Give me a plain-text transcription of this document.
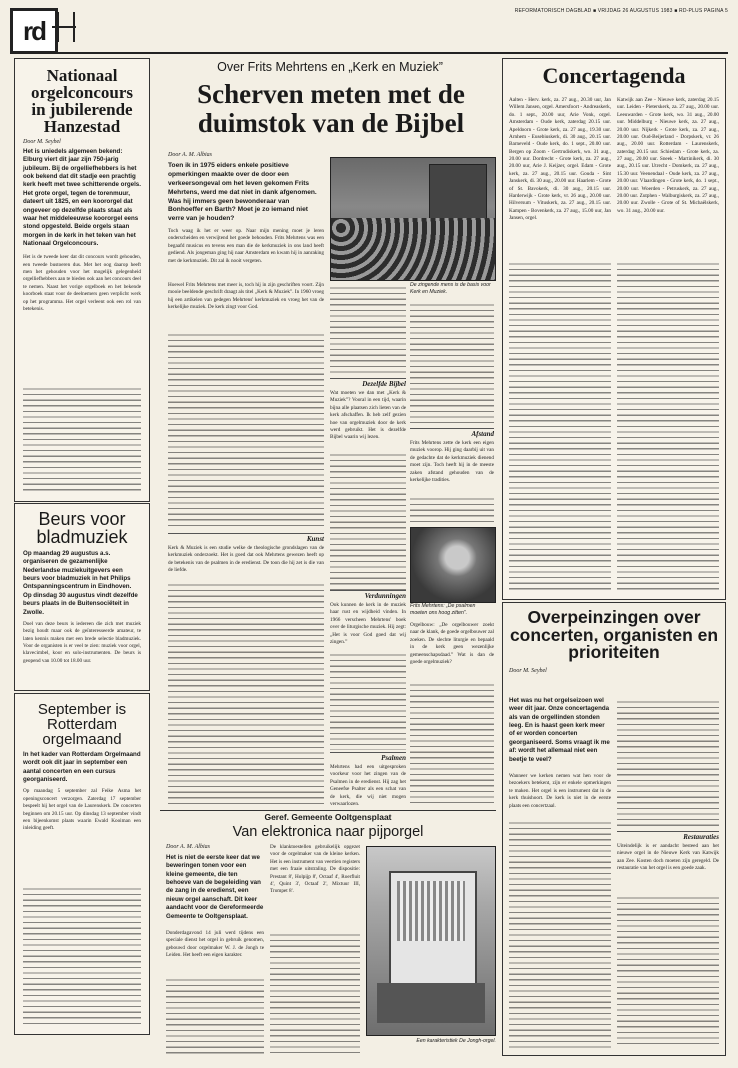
rd
REFORMATORISCH DAGBLAD ■ VRIJDAG 26 AUGUSTUS 1983 ■ RD-PLUS PAGINA 5
Nationaal orgelconcours in jubilerende Hanzestad
Door M. Seybel
Het is uniedels algemeen bekend: Elburg viert dit jaar zijn 750-jarig jubileum. Bij de orgelliefhebbers is het ook bekend dat dit stadje een prachtig kerk heeft met twee schitterende orgels. Het grote orgel, tegen de torenmuur, dateert uit 1825, en een koororgel dat ongeveer op dezelfde plaats staat als waar het middeleeuwse koororgel eens stond opgesteld. Beide orgels staan morgen in de kerk in het teken van het Nationaal Orgelconcours.
Het is de tweede keer dat dit concours wordt gehouden, een tweede bustoeren dus. Met het oog daarop heeft men het gehouden voor het mogelijk gelegenheid orgelliefhebbers aan te bieden ook aan het concours deel te nemen. Naast het vorige orgelboek en het bekende koorboek staat voor de deelnemers geen verplicht werk op het programma. Het orgel verleent ook een rol van betekenis.
Beurs voor bladmuziek
Op maandag 29 augustus a.s. organiseren de gezamenlijke Nederlandse muziekuitgevers een beurs voor bladmuziek in het Philips Ontspanningscentrum in Eindhoven. Op dinsdag 30 augustus vindt dezelfde beurs plaats in de Buitensociëteit in Zwolle.
Doel van deze beurs is iedereen die zich met muziek bezig houdt maar ook de geïnteresseerde amateur, te laten kennis maken met een brede selectie bladmuziek. Voor de organisten is er veel te zien: muziek voor orgel, klavecimbel, koor en solo-instrumenten. De beurs is geopend van 10.00 tot 18.00 uur.
September is Rotterdam orgelmaand
In het kader van Rotterdam Orgelmaand wordt ook dit jaar in september een aantal concerten en een cursus georganiseerd.
Op maandag 5 september zal Feike Asma het openingsconcert verzorgen. Zaterdag 17 september bespeelt hij het orgel van de Laurenskerk. De concerten beginnen om 20.15 uur. Op dinsdag 13 september vindt een bijeenkomst plaats waarin Ewald Kooiman een inleiding geeft.
Over Frits Mehrtens en „Kerk en Muziek”
Scherven meten met de duimstok van de Bijbel
Door A. M. Albias
Toen ik in 1975 eiders enkele positieve opmerkingen maakte over de door een verkeersongeval om het leven gekomen Frits Mehrtens, werd me dat niet in dank afgenomen. Was hij immers geen bewonderaar van Bonhoeffer en Barth? Moet je zo iemand niet verre van je houden?
Toch waag ik het er weer op. Naar mijn mening moet je leren onderscheiden en verwijtend het goede behouden. Frits Mehrtens was een begaafd musicus en tevens een man die de kerkmuziek in ons land heeft gediend. Als jongeman ging hij naar Amsterdam en kwam hij in aanraking met de kerkmuziek. Dit zal ik nooit vergeten.
Hoewel Frits Mehrtens met meer is, toch hij in zijn geschriften voort. Zijn mooie beeldende geschrift draagt als titel „Kerk & Muziek”. In 1960 vroeg hij een artikelen van gedegen Mehrtens' kerkmuziek en vroeg het van de kerkelijke muziek. De kerk zingt voor God.
Kunst
Kerk & Muziek is een studie welke de theologische grondslagen van de kerkmuziek onderzoekt. Het is goed dat ook Mehrtens gewezen heeft op de betekenis van de psalmen in de eredienst. De toon die hij zet is die van de liefde.
De zingende mens is de basis voor Kerk en Muziek.
Dezelfde Bijbel
Wat moeten we dan met „Kerk & Muziek”? Vooral in een tijd, waarin bijna alle plaatsen zich lieten van de kerk afschaffen. Ik heb zelf gezien hoe van orgelmuziek door de kerk werd gebruikt. Het is dezelfde Bijbel waarin wij lezen.
Verdunningen
Ook kunnen de kerk in de muziek haar rust en wijdheid vinden. In 1966 verscheen Mehrtens' boek over de liturgische muziek. Hij zegt: „Het is voor God goed dat wij zingen.”
Psalmen
Mehrtens had een uitgesproken voorkeur voor het zingen van de Psalmen in de eredienst. Hij zag het Geneefse Psalter als een schat van de kerk, die wij niet mogen verwaarlozen.
Afstand
Frits Mehrtens zette de kerk een eigen muziek voorop. Hij ging daarbij uit van de gedachte dat de kerkmuziek dienend moet zijn. Toch heeft hij in de meeste zaken afstand gehouden van de kerkelijke tradities.
Frits Mehrtens: „De psalmen moeten ons hoog zitten”.
Orgelbouw: „De orgelbouwer zoekt naar de klank, de goede orgelbouwer zal zoeken. De slechte liturgie en bepaald in de kerk geen wezenlijke gemeenschapsdaad.” Wat is dan de goede orgelmuziek?
Concertagenda
Aalten - Herv. kerk, za. 27 aug., 20.30 uur, Jan Willem Jansen, orgel. Amersfoort - Andreaskerk, do. 1 sept., 20.00 uur, Arie Vonk, orgel. Amsterdam - Oude kerk, zaterdag 20.15 uur. Apeldoorn - Grote kerk, za. 27 aug., 19.30 uur. Arnhem - Eusebiuskerk, di. 30 aug., 20.15 uur. Barneveld - Oude kerk, do. 1 sept., 20.00 uur. Bergen op Zoom - Gertrudiskerk, wo. 31 aug., 20.00 uur. Dordrecht - Grote kerk, za. 27 aug., 20.00 uur, Arie J. Keijzer, orgel. Edam - Grote kerk, za. 27 aug., 20.15 uur. Gouda - Sint Janskerk, di. 30 aug., 20.00 uur. Haarlem - Grote of St. Bavokerk, di. 30 aug., 20.15 uur. Harderwijk - Grote kerk, vr. 26 aug., 20.00 uur. Hilversum - Vituskerk, za. 27 aug., 20.15 uur. Kampen - Bovenkerk, za. 27 aug., 15.00 uur, Jan Jansen, orgel.
Katwijk aan Zee - Nieuwe kerk, zaterdag 20.15 uur. Leiden - Pieterskerk, za. 27 aug., 20.00 uur. Leeuwarden - Grote kerk, wo. 31 aug., 20.00 uur. Middelburg - Nieuwe kerk, za. 27 aug., 20.00 uur. Nijkerk - Grote kerk, za. 27 aug., 20.00 uur. Oud-Beijerland - Dorpskerk, vr. 26 aug., 20.00 uur. Rotterdam - Laurenskerk, zaterdag 20.15 uur. Schiedam - Grote kerk, za. 27 aug., 20.00 uur. Sneek - Martinikerk, di. 30 aug., 20.15 uur. Utrecht - Domkerk, za. 27 aug., 15.30 uur. Veenendaal - Oude kerk, za. 27 aug., 20.00 uur. Vlaardingen - Grote kerk, do. 1 sept., 20.00 uur. Woerden - Petruskerk, za. 27 aug., 20.00 uur. Zutphen - Walburgiskerk, za. 27 aug., 20.00 uur. Zwolle - Grote of St. Michaëlskerk, wo. 31 aug., 20.00 uur.
Overpeinzingen over concerten, organisten en prioriteiten
Door M. Seybel
Het was nu het orgelseizoen wel weer dit jaar. Onze concertagenda als van de orgellinden stonden leeg. En is haast geen kerk meer of er worden concerten georganiseerd. Soms vraagt ik me af: wordt het allemaal niet een beetje te veel?
Wanneer we kerken nemen wat hen voor de bezoekers betekent, zijn er enkele opmerkingen te maken. Het orgel is een instrument dat in de kerk thuishoort. De kerk is niet in de eerste plaats een concertzaal.
Restauraties
Uiteindelijk is er aandacht besteed aan het nieuwe orgel in de Nieuwe Kerk van Katwijk aan Zee. Kosten doch moeten zijn geregeld. De restauratie van het orgel is een goede zaak.
Geref. Gemeente Ooltgensplaat
Van elektronica naar pijporgel
Door A. M. Albias
Het is niet de eerste keer dat we beweringen tonen voor een kleine gemeente, die ten behoeve van de begeleiding van de zang in de eredienst, een nieuw orgel aanschaft. Dit keer aandacht voor de Gereformeerde Gemeente te Ooltgensplaat.
Donderdagavond 14 juli werd tijdens een speciale dienst het orgel in gebruik genomen, gebouwd door orgelmaker W. J. de Jongh te Leiden. Het heeft een eigen karakter.
De klanktoestellen gebruikelijk opgezet voor de orgelmaker van de kleine kerken. Het is een instrument van veertien registers met een fraaie uitstraling. De dispositie: Prestant 8', Holpijp 8', Octaaf 4', Roerfluit 4', Quint 3', Octaaf 2', Mixtuur III, Trompet 8'.
Een karakteristiek De Jongh-orgel.
